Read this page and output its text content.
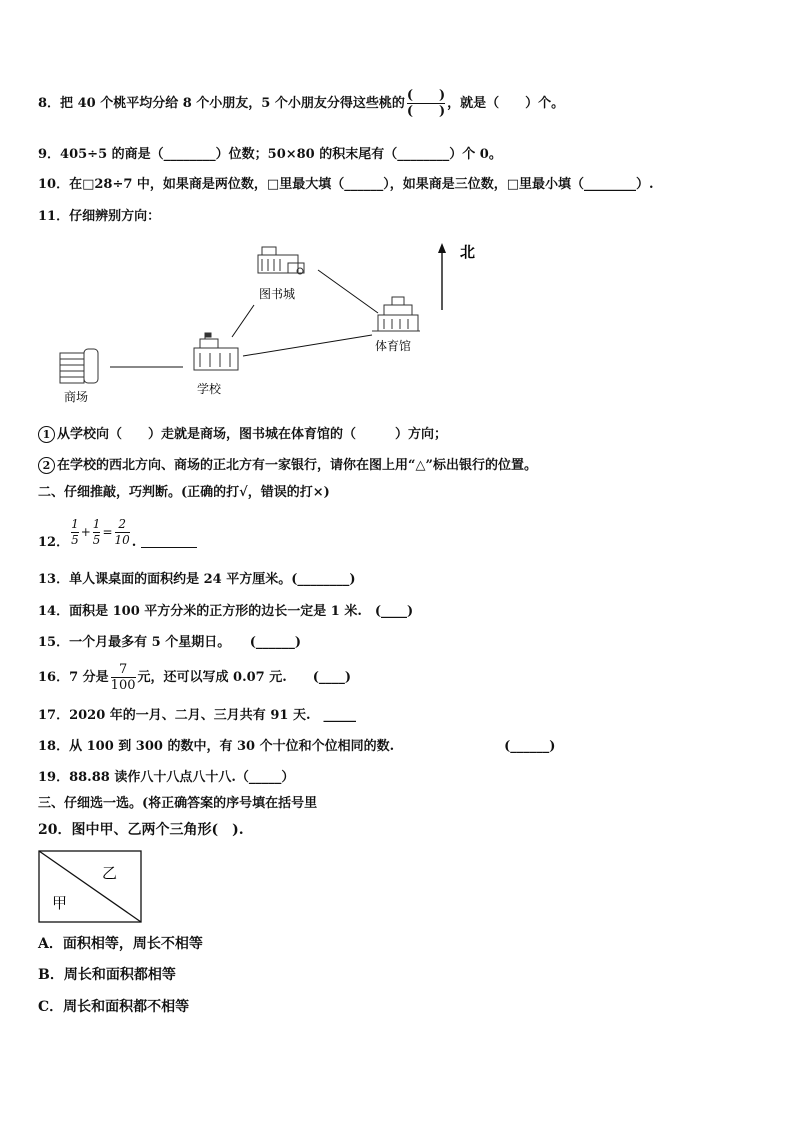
8．把 40 个桃平均分给 8 个小朋友，5 个小朋友分得这些桃的 $\frac{( )}{( )}$ ，就是（　　）个。
9．405÷5 的商是（________）位数；50×80 的积末尾有（________）个 0。
10．在□28÷7 中，如果商是两位数，□里最大填（______），如果商是三位数，□里最小填（________）.
11．仔细辨别方向：
北
图书城
体育馆
学校
商场
1 从学校向（　　）走就是商场，图书城在体育馆的（　　　）方向；
2 在学校的西北方向、商场的正北方有一家银行，请你在图上用“△”标出银行的位置。
二、仔细推敲，巧判断。(正确的打√，错误的打×)
12． $\frac{1}{5} + \frac{1}{5} = \frac{2}{10}$ .
13．单人课桌面的面积约是 24 平方厘米。(________)
14．面积是 100 平方分米的正方形的边长一定是 1 米.　(____)
15．一个月最多有 5 个星期日。　　(______)
16．7 分是 $\frac{7}{100}$ 元，还可以写成 0.07 元.　　(____)
17．2020 年的一月、二月、三月共有 91 天.　_____
18．从 100 到 300 的数中，有 30 个十位和个位相同的数.	(______)
19．88.88 读作八十八点八十八.（_____）
三、仔细选一选。(将正确答案的序号填在括号里
20．图中甲、乙两个三角形(　).
甲
乙
A．面积相等，周长不相等
B．周长和面积都相等
C．周长和面积都不相等
